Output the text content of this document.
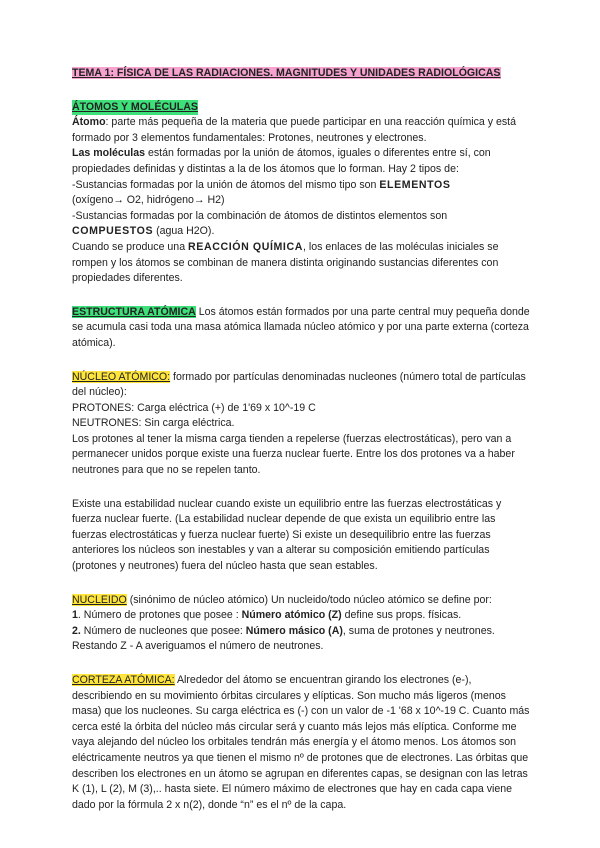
TEMA 1: FÍSICA DE LAS RADIACIONES. MAGNITUDES Y UNIDADES RADIOLÓGICAS
ÁTOMOS Y MOLÉCULAS

Átomo: parte más pequeña de la materia que puede participar en una reacción química y está formado por 3 elementos fundamentales: Protones, neutrones y electrones.

Las moléculas están formadas por la unión de átomos, iguales o diferentes entre sí, con propiedades definidas y distintas a la de los átomos que lo forman. Hay 2 tipos de:

-Sustancias formadas por la unión de átomos del mismo tipo son ELEMENTOS
(oxígeno→ O2, hidrógeno→ H2)

-Sustancias formadas por la combinación de átomos de distintos elementos son
COMPUESTOS (agua H2O).

Cuando se produce una REACCIÓN QUÍMICA, los enlaces de las moléculas iniciales se rompen y los átomos se combinan de manera distinta originando sustancias diferentes con propiedades diferentes.

ESTRUCTURA ATÓMICA Los átomos están formados por una parte central muy pequeña donde se acumula casi toda una masa atómica llamada núcleo atómico y por una parte externa (corteza atómica).

NÚCLEO ATÓMICO: formado por partículas denominadas nucleones (número total de partículas del núcleo):

PROTONES: Carga eléctrica (+) de 1'69 x 10^-19 C

NEUTRONES: Sin carga eléctrica.

Los protones al tener la misma carga tienden a repelerse (fuerzas electrostáticas), pero van a permanecer unidos porque existe una fuerza nuclear fuerte. Entre los dos protones va a haber neutrones para que no se repelen tanto.

Existe una estabilidad nuclear cuando existe un equilibrio entre las fuerzas electrostáticas y fuerza nuclear fuerte. (La estabilidad nuclear depende de que exista un equilibrio entre las fuerzas electrostáticas y fuerza nuclear fuerte) Si existe un desequilibrio entre las fuerzas anteriores los núcleos son inestables y van a alterar su composición emitiendo partículas (protones y neutrones) fuera del núcleo hasta que sean estables.

NUCLEIDO (sinónimo de núcleo atómico) Un nucleido/todo núcleo atómico se define por:

1. Número de protones que posee : Número atómico (Z) define sus props. físicas.

2. Número de nucleones que posee: Número másico (A), suma de protones y neutrones.

Restando Z - A averiguamos el número de neutrones.

CORTEZA ATÓMICA: Alrededor del átomo se encuentran girando los electrones (e-), describiendo en su movimiento órbitas circulares y elípticas. Son mucho más ligeros (menos masa) que los nucleones. Su carga eléctrica es (-) con un valor de -1 '68 x 10^-19 C. Cuanto más cerca esté la órbita del núcleo más circular será y cuanto más lejos más elíptica. Conforme me vaya alejando del núcleo los orbitales tendrán más energía y el átomo menos. Los átomos son eléctricamente neutros ya que tienen el mismo nº de protones que de electrones. Las órbitas que describen los electrones en un átomo se agrupan en diferentes capas, se designan con las letras K (1), L (2), M (3),.. hasta siete. El número máximo de electrones que hay en cada capa viene dado por la fórmula 2 x n(2), donde “n” es el nº de la capa.
